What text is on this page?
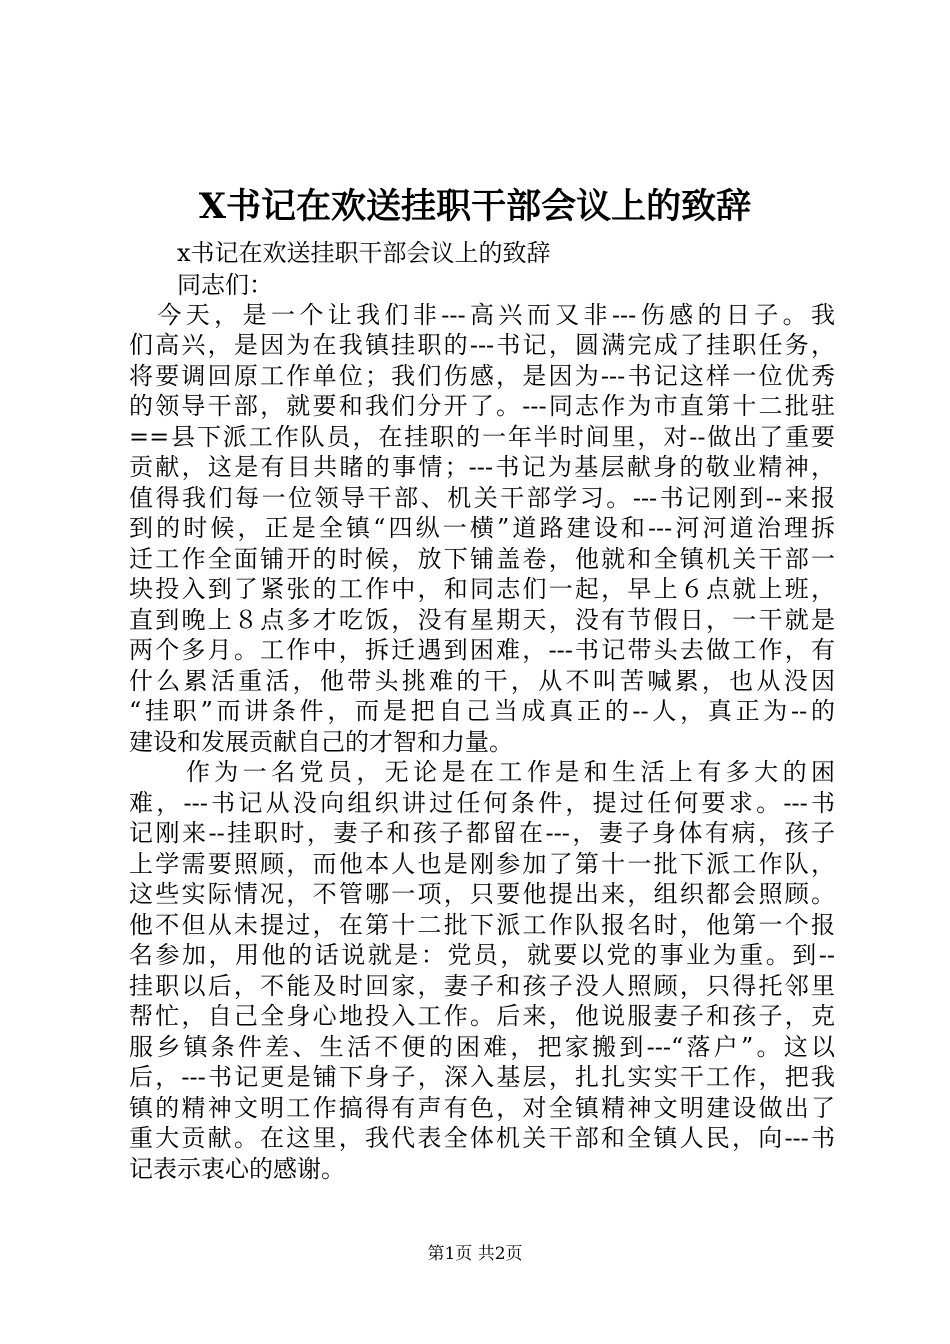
X书记在欢送挂职干部会议上的致辞
x书记在欢送挂职干部会议上的致辞
同志们：
　今天，是一个让我们非---高兴而又非---伤感的日子。我
们高兴，是因为在我镇挂职的---书记，圆满完成了挂职任务，
将要调回原工作单位；我们伤感，是因为---书记这样一位优秀
的领导干部，就要和我们分开了。---同志作为市直第十二批驻
==县下派工作队员，在挂职的一年半时间里，对--做出了重要
贡献，这是有目共睹的事情；---书记为基层献身的敬业精神，
值得我们每一位领导干部、机关干部学习。---书记刚到--来报
到的时候，正是全镇“四纵一横”道路建设和---河河道治理拆
迁工作全面铺开的时候，放下铺盖卷，他就和全镇机关干部一
块投入到了紧张的工作中，和同志们一起，早上６点就上班，
直到晚上８点多才吃饭，没有星期天，没有节假日，一干就是
两个多月。工作中，拆迁遇到困难，---书记带头去做工作，有
什么累活重活，他带头挑难的干，从不叫苦喊累，也从没因
“挂职”而讲条件，而是把自己当成真正的--人，真正为--的
建设和发展贡献自己的才智和力量。
　　作为一名党员，无论是在工作是和生活上有多大的困
难，---书记从没向组织讲过任何条件，提过任何要求。---书
记刚来--挂职时，妻子和孩子都留在---，妻子身体有病，孩子
上学需要照顾，而他本人也是刚参加了第十一批下派工作队，
这些实际情况，不管哪一项，只要他提出来，组织都会照顾。
他不但从未提过，在第十二批下派工作队报名时，他第一个报
名参加，用他的话说就是：党员，就要以党的事业为重。到--
挂职以后，不能及时回家，妻子和孩子没人照顾，只得托邻里
帮忙，自己全身心地投入工作。后来，他说服妻子和孩子，克
服乡镇条件差、生活不便的困难，把家搬到---“落户”。这以
后，---书记更是铺下身子，深入基层，扎扎实实干工作，把我
镇的精神文明工作搞得有声有色，对全镇精神文明建设做出了
重大贡献。在这里，我代表全体机关干部和全镇人民，向---书
记表示衷心的感谢。
第1页 共2页
